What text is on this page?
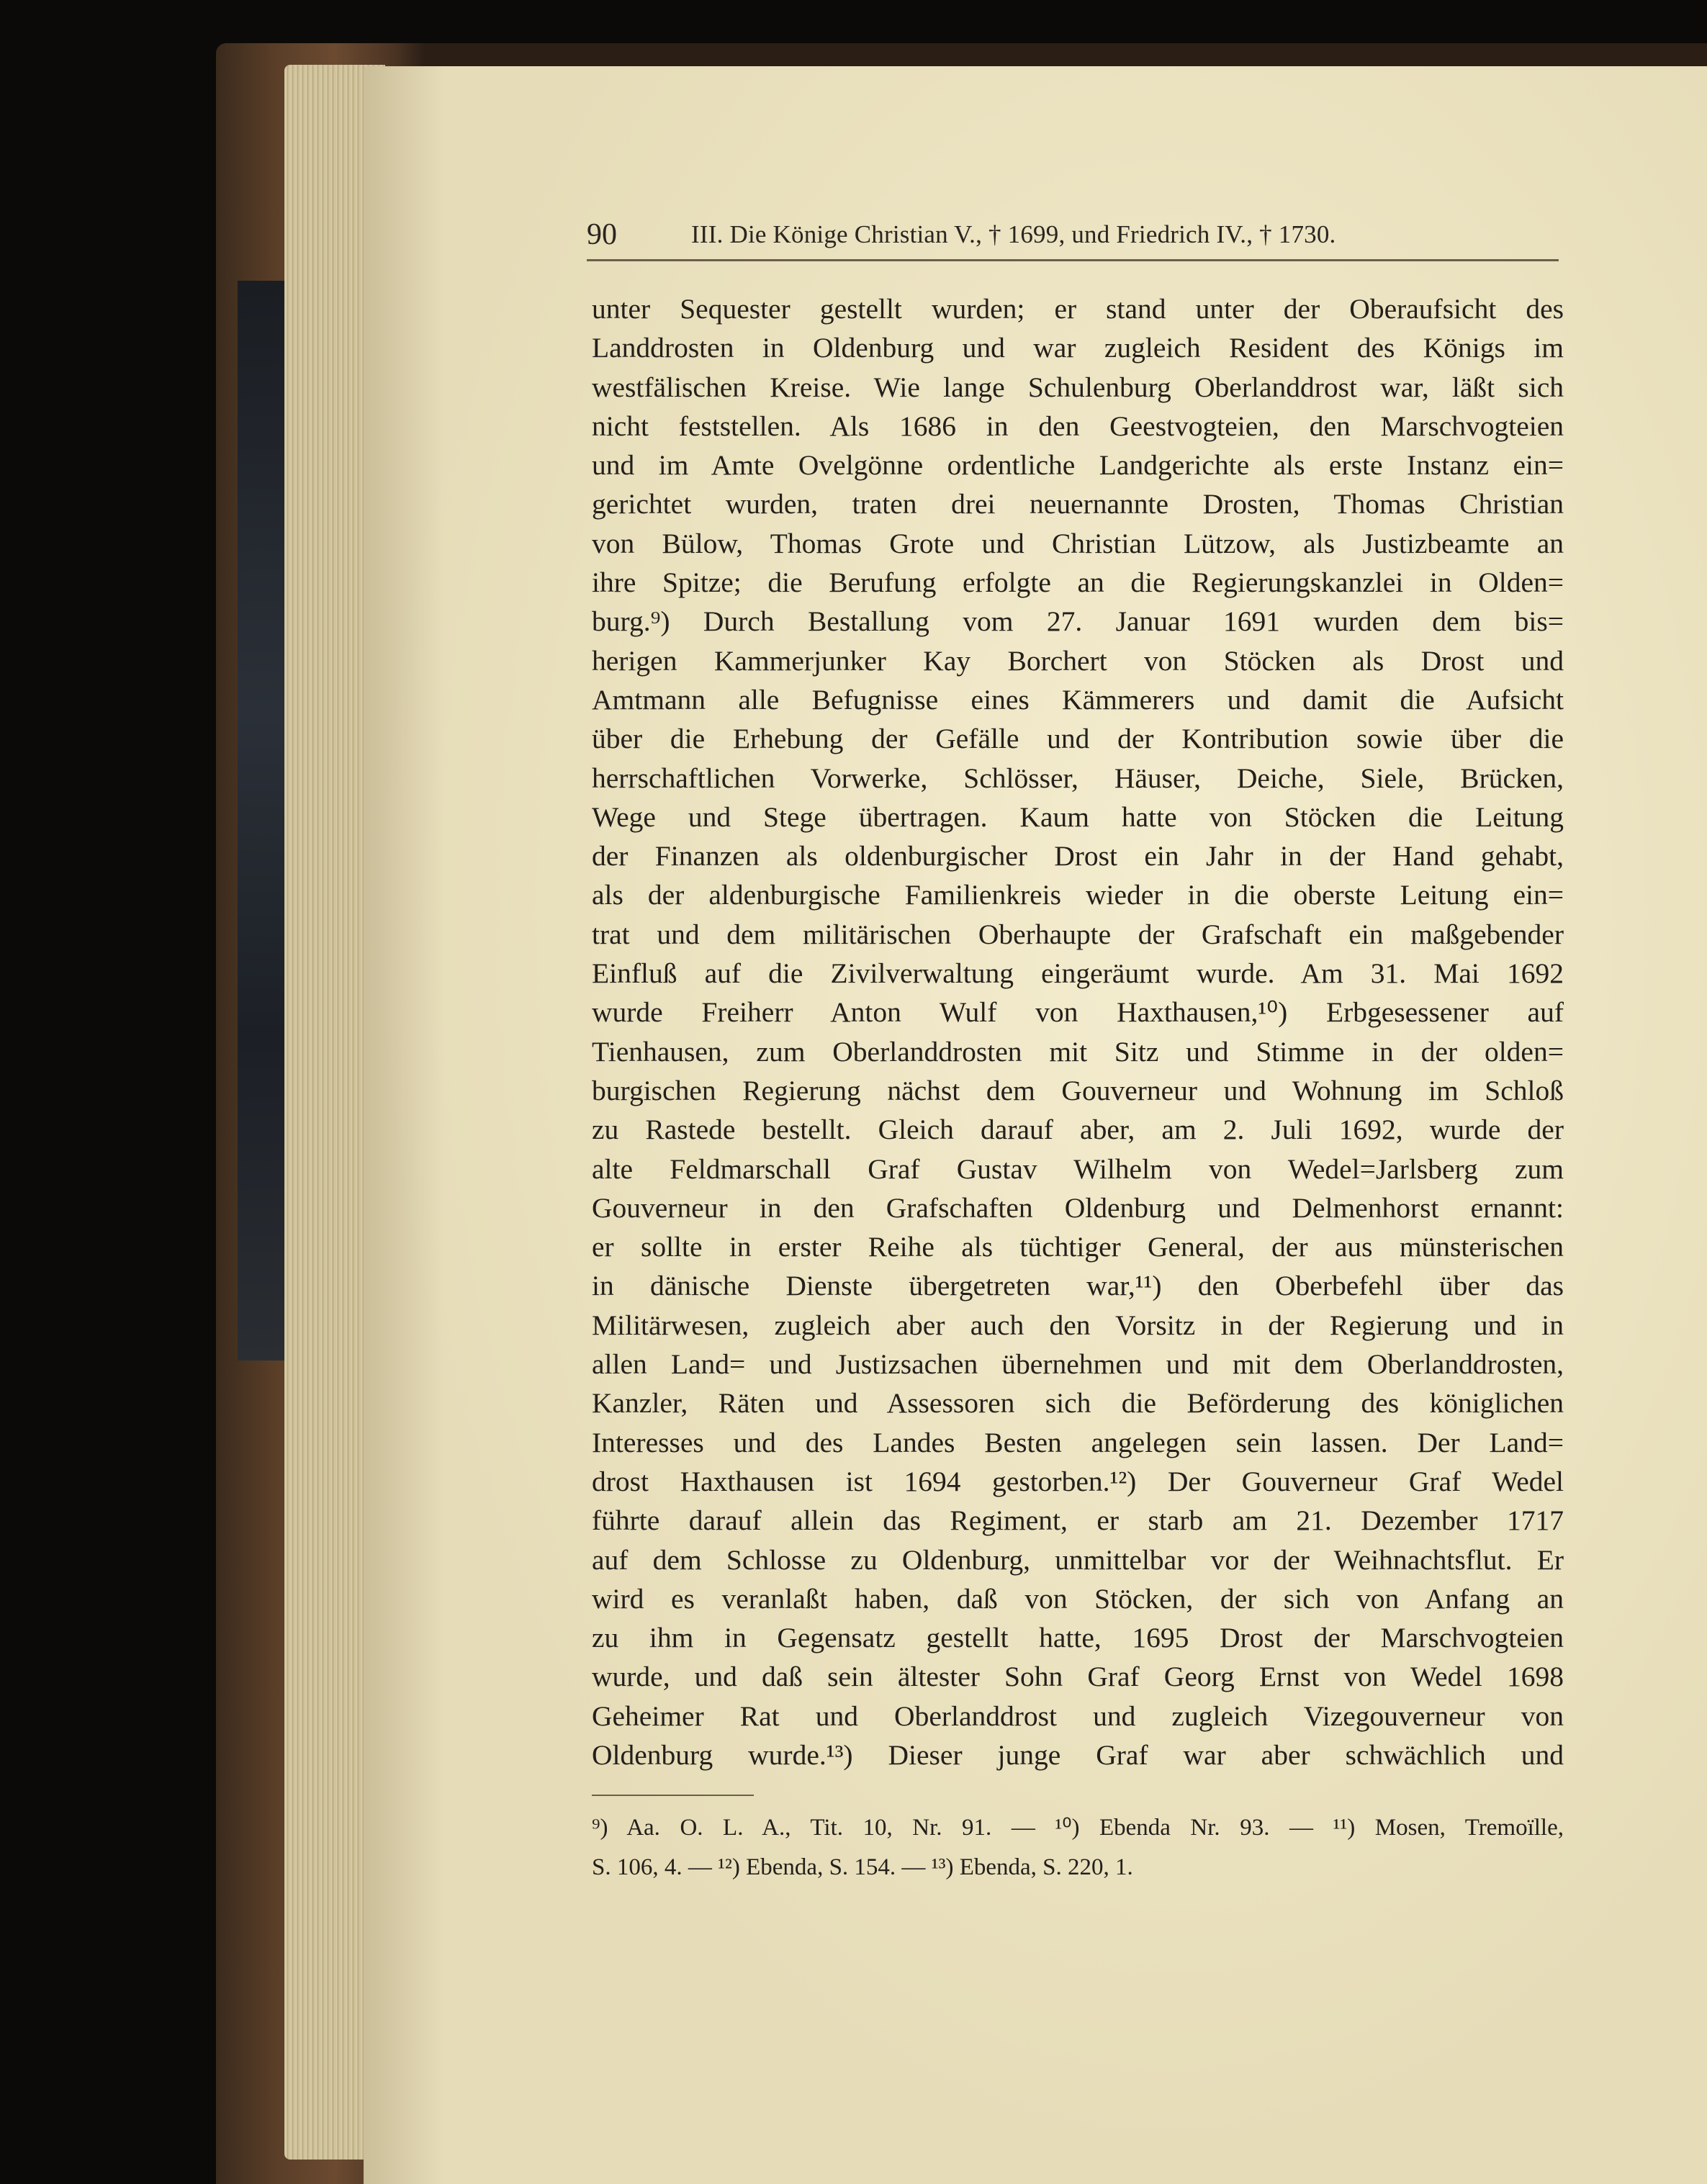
90	III. Die Könige Christian V., † 1699, und Friedrich IV., † 1730.
unter Sequester gestellt wurden; er stand unter der Oberaufsicht des
Landdrosten in Oldenburg und war zugleich Resident des Königs im
westfälischen Kreise. Wie lange Schulenburg Oberlanddrost war, läßt sich
nicht feststellen. Als 1686 in den Geestvogteien, den Marschvogteien
und im Amte Ovelgönne ordentliche Landgerichte als erste Instanz ein=
gerichtet wurden, traten drei neuernannte Drosten, Thomas Christian
von Bülow, Thomas Grote und Christian Lützow, als Justizbeamte an
ihre Spitze; die Berufung erfolgte an die Regierungskanzlei in Olden=
burg.⁹) Durch Bestallung vom 27. Januar 1691 wurden dem bis=
herigen Kammerjunker Kay Borchert von Stöcken als Drost und
Amtmann alle Befugnisse eines Kämmerers und damit die Aufsicht
über die Erhebung der Gefälle und der Kontribution sowie über die
herrschaftlichen Vorwerke, Schlösser, Häuser, Deiche, Siele, Brücken,
Wege und Stege übertragen. Kaum hatte von Stöcken die Leitung
der Finanzen als oldenburgischer Drost ein Jahr in der Hand gehabt,
als der aldenburgische Familienkreis wieder in die oberste Leitung ein=
trat und dem militärischen Oberhaupte der Grafschaft ein maßgebender
Einfluß auf die Zivilverwaltung eingeräumt wurde. Am 31. Mai 1692
wurde Freiherr Anton Wulf von Haxthausen,¹⁰) Erbgesessener auf
Tienhausen, zum Oberlanddrosten mit Sitz und Stimme in der olden=
burgischen Regierung nächst dem Gouverneur und Wohnung im Schloß
zu Rastede bestellt. Gleich darauf aber, am 2. Juli 1692, wurde der
alte Feldmarschall Graf Gustav Wilhelm von Wedel=Jarlsberg zum
Gouverneur in den Grafschaften Oldenburg und Delmenhorst ernannt:
er sollte in erster Reihe als tüchtiger General, der aus münsterischen
in dänische Dienste übergetreten war,¹¹) den Oberbefehl über das
Militärwesen, zugleich aber auch den Vorsitz in der Regierung und in
allen Land= und Justizsachen übernehmen und mit dem Oberlanddrosten,
Kanzler, Räten und Assessoren sich die Beförderung des königlichen
Interesses und des Landes Besten angelegen sein lassen. Der Land=
drost Haxthausen ist 1694 gestorben.¹²) Der Gouverneur Graf Wedel
führte darauf allein das Regiment, er starb am 21. Dezember 1717
auf dem Schlosse zu Oldenburg, unmittelbar vor der Weihnachtsflut. Er
wird es veranlaßt haben, daß von Stöcken, der sich von Anfang an
zu ihm in Gegensatz gestellt hatte, 1695 Drost der Marschvogteien
wurde, und daß sein ältester Sohn Graf Georg Ernst von Wedel 1698
Geheimer Rat und Oberlanddrost und zugleich Vizegouverneur von
Oldenburg wurde.¹³) Dieser junge Graf war aber schwächlich und
⁹) Aa. O. L. A., Tit. 10, Nr. 91. — ¹⁰) Ebenda Nr. 93. — ¹¹) Mosen, Tremoïlle,
S. 106, 4. — ¹²) Ebenda, S. 154. — ¹³) Ebenda, S. 220, 1.
